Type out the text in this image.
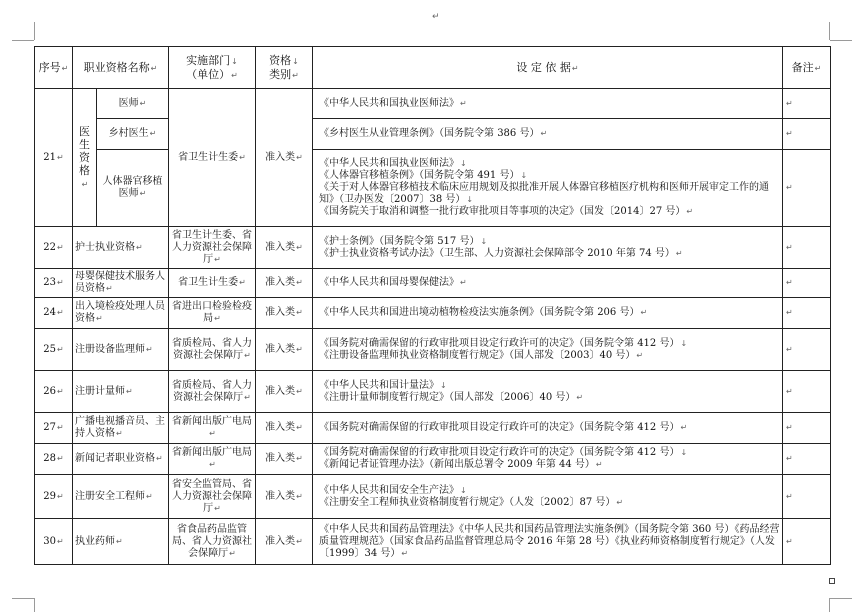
↵
序号↵	职业资格名称↵		实施部门↓
（单位）↵	资格↓
类别↵	设 定 依 据↵	备注↵
21↵	医生资格↵	医师↵	省卫生计生委↵	准入类↵	《中华人民共和国执业医师法》↵	↵
		乡村医生↵			《乡村医生从业管理条例》（国务院令第 386 号）↵	↵
		人体器官移植医师↵			《中华人民共和国执业医师法》↓
《人体器官移植条例》（国务院令第 491 号）↓
《关于对人体器官移植技术临床应用规划及拟批准开展人体器官移植医疗机构和医师开展审定工作的通知》（卫办医发〔2007〕38 号）↓
《国务院关于取消和调整一批行政审批项目等事项的决定》（国发〔2014〕27 号）↵	↵
22↵	护士执业资格↵		省卫生计生委、省人力资源社会保障厅↵	准入类↵	《护士条例》（国务院令第 517 号）↓
《护士执业资格考试办法》（卫生部、人力资源社会保障部令 2010 年第 74 号）↵	↵
23↵	母婴保健技术服务人员资格↵		省卫生计生委↵	准入类↵	《中华人民共和国母婴保健法》↵	↵
24↵	出入境检疫处理人员资格↵		省进出口检验检疫局↵	准入类↵	《中华人民共和国进出境动植物检疫法实施条例》（国务院令第 206 号）↵	↵
25↵	注册设备监理师↵		省质检局、省人力资源社会保障厅↵	准入类↵	《国务院对确需保留的行政审批项目设定行政许可的决定》（国务院令第 412 号）↓
《注册设备监理师执业资格制度暂行规定》（国人部发〔2003〕40 号）↵	↵
26↵	注册计量师↵		省质检局、省人力资源社会保障厅↵	准入类↵	《中华人民共和国计量法》↓
《注册计量师制度暂行规定》（国人部发〔2006〕40 号）↵	↵
27↵	广播电视播音员、主持人资格↵		省新闻出版广电局↵	准入类↵	《国务院对确需保留的行政审批项目设定行政许可的决定》（国务院令第 412 号）↵	↵
28↵	新闻记者职业资格↵		省新闻出版广电局↵	准入类↵	《国务院对确需保留的行政审批项目设定行政许可的决定》（国务院令第 412 号）↓
《新闻记者证管理办法》（新闻出版总署令 2009 年第 44 号）↵	↵
29↵	注册安全工程师↵		省安全监管局、省人力资源社会保障厅↵	准入类↵	《中华人民共和国安全生产法》↓
《注册安全工程师执业资格制度暂行规定》（人发〔2002〕87 号）↵	↵
30↵	执业药师↵		省食品药品监管局、省人力资源社会保障厅↵	准入类↵	《中华人民共和国药品管理法》《中华人民共和国药品管理法实施条例》（国务院令第 360 号）《药品经营质量管理规范》（国家食品药品监督管理总局令 2016 年第 28 号）《执业药师资格制度暂行规定》（人发〔1999〕34 号）↵	↵
